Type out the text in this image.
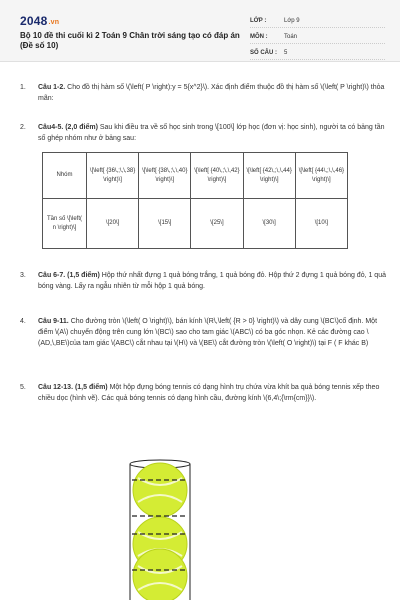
2048.vn
Bộ 10 đề thi cuối kì 2 Toán 9 Chân trời sáng tạo có đáp án (Đề số 10)
LỚP :	Lớp 9
MÔN :	Toán
SỐ CÂU :	5
1.	Câu 1-2. Cho đồ thị hàm số \(\left( P \right):y = 5{x^2}\). Xác định điểm thuộc đồ thị hàm số \(\left( P \right)\) thỏa mãn:
2.	Câu4-5. (2,0 điểm) Sau khi điều tra về số học sinh trong \[100\] lớp học (đơn vị: học sinh), người ta có bảng tần số ghép nhóm như ở bảng sau:
3.	Câu 6-7. (1,5 điểm) Hộp thứ nhất đựng 1 quả bóng trắng, 1 quả bóng đỏ. Hộp thứ 2 đựng 1 quả bóng đỏ, 1 quả bóng vàng. Lấy ra ngẫu nhiên từ mỗi hộp 1 quả bóng.
4.	Câu 9-11. Cho đường tròn \(\left( O \right)\), bán kính \(R\,\left( {R > 0} \right)\) và dây cung \(BC\)cố định. Một điểm \(A\) chuyển động trên cung lớn \(BC\) sao cho tam giác \(ABC\) có ba góc nhọn. Kẻ các đường cao \(AD,\,BE\)của tam giác \(ABC\) cắt nhau tại \(H\) và \(BE\) cắt đường tròn \(\left( O \right)\) tại F ( F khác B)
5.	Câu 12-13. (1,5 điểm) Một hộp đựng bóng tennis có dạng hình trụ chứa vừa khít ba quả bóng tennis xếp theo chiều dọc (hình vẽ). Các quả bóng tennis có dạng hình cầu, đường kính \(6,4\;{\rm{cm}}\).
Nhóm	\[\left[ {36\,;\,\,38} \right)\]	\[\left[ {38\,;\,\,40} \right)\]	\[\left[ {40\,;\,\,42} \right)\]	\[\left[ {42\,;\,\,44} \right)\]	\[\left[ {44\,;\,\,46} \right)\]
Tần số \[\left( n \right)\]	\[20\]	\[15\]	\[25\]	\[30\]	\[10\]
